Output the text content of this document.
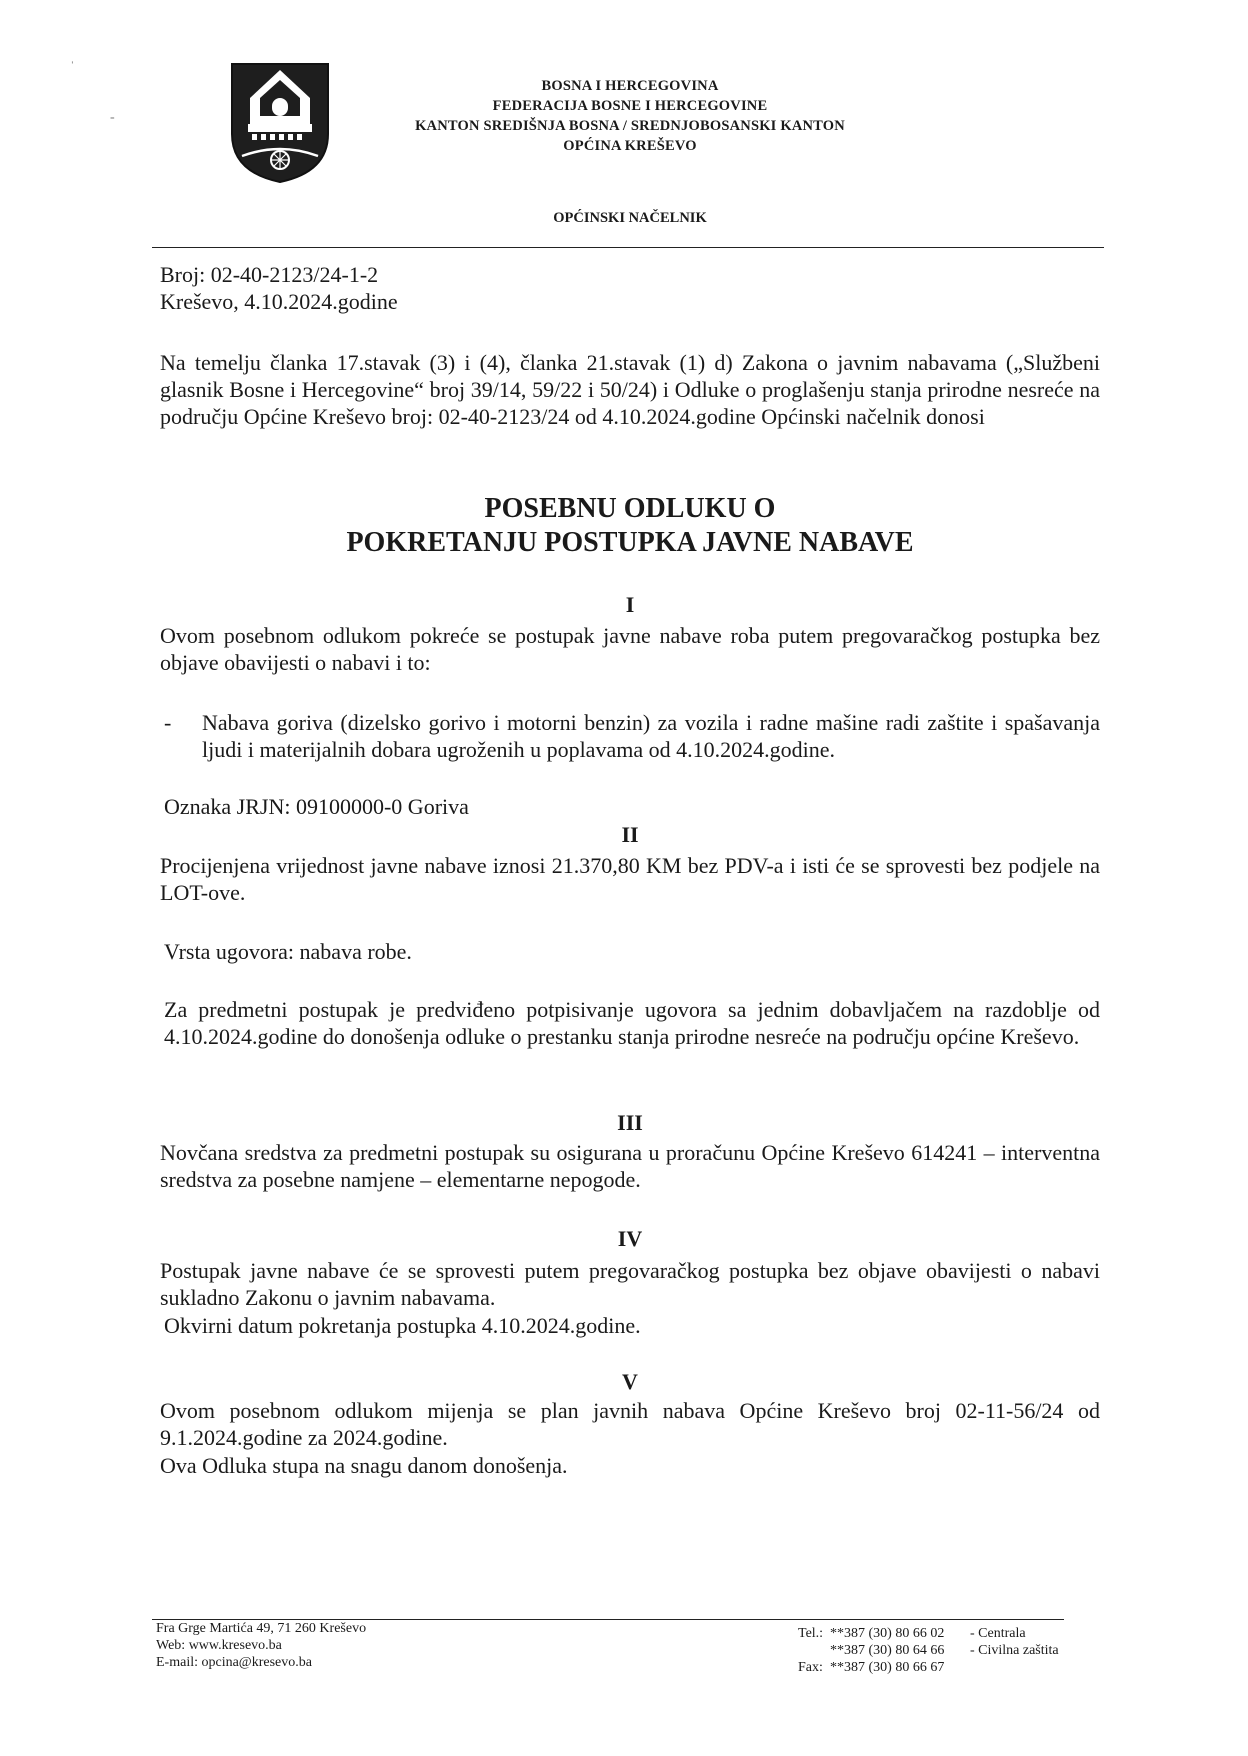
ˈ
-
BOSNA I HERCEGOVINA
FEDERACIJA BOSNE I HERCEGOVINE
KANTON SREDIŠNJA BOSNA / SREDNJOBOSANSKI KANTON
OPĆINA KREŠEVO
OPĆINSKI NAČELNIK
Broj: 02-40-2123/24-1-2
Kreševo, 4.10.2024.godine

Na temelju članka 17.stavak (3) i (4), članka 21.stavak (1) d) Zakona o javnim nabavama („Službeni glasnik Bosne i Hercegovine“ broj 39/14, 59/22 i 50/24) i Odluke o proglašenju stanja prirodne nesreće na području Općine Kreševo broj: 02-40-2123/24 od 4.10.2024.godine Općinski načelnik donosi

POSEBNU ODLUKU O
POKRETANJU POSTUPKA JAVNE NABAVE
I

Ovom posebnom odlukom pokreće se postupak javne nabave roba putem pregovaračkog postupka bez objave obavijesti o nabavi i to:

- Nabava goriva (dizelsko gorivo i motorni benzin) za vozila i radne mašine radi zaštite i spašavanja ljudi i materijalnih dobara ugroženih u poplavama od 4.10.2024.godine.
Oznaka JRJN: 09100000-0 Goriva
II

Procijenjena vrijednost javne nabave iznosi 21.370,80 KM bez PDV-a i isti će se sprovesti bez podjele na LOT-ove.

Vrsta ugovora: nabava robe.

Za predmetni postupak je predviđeno potpisivanje ugovora sa jednim dobavljačem na razdoblje od 4.10.2024.godine do donošenja odluke o prestanku stanja prirodne nesreće na području općine Kreševo.

III

Novčana sredstva za predmetni postupak su osigurana u proračunu Općine Kreševo 614241 – interventna sredstva za posebne namjene – elementarne nepogode.

IV

Postupak javne nabave će se sprovesti putem pregovaračkog postupka bez objave obavijesti o nabavi sukladno Zakonu o javnim nabavama.

Okvirni datum pokretanja postupka 4.10.2024.godine.
V

Ovom posebnom odlukom mijenja se plan javnih nabava Općine Kreševo broj 02-11-56/24 od 9.1.2024.godine za 2024.godine.

Ova Odluka stupa na snagu danom donošenja.
Fra Grge Martića 49, 71 260 Kreševo
Web: www.kresevo.ba
E-mail: opcina@kresevo.ba
Tel.: **387 (30) 80 66 02	- Centrala
**387 (30) 80 64 66	- Civilna zaštita
Fax: **387 (30) 80 66 67
